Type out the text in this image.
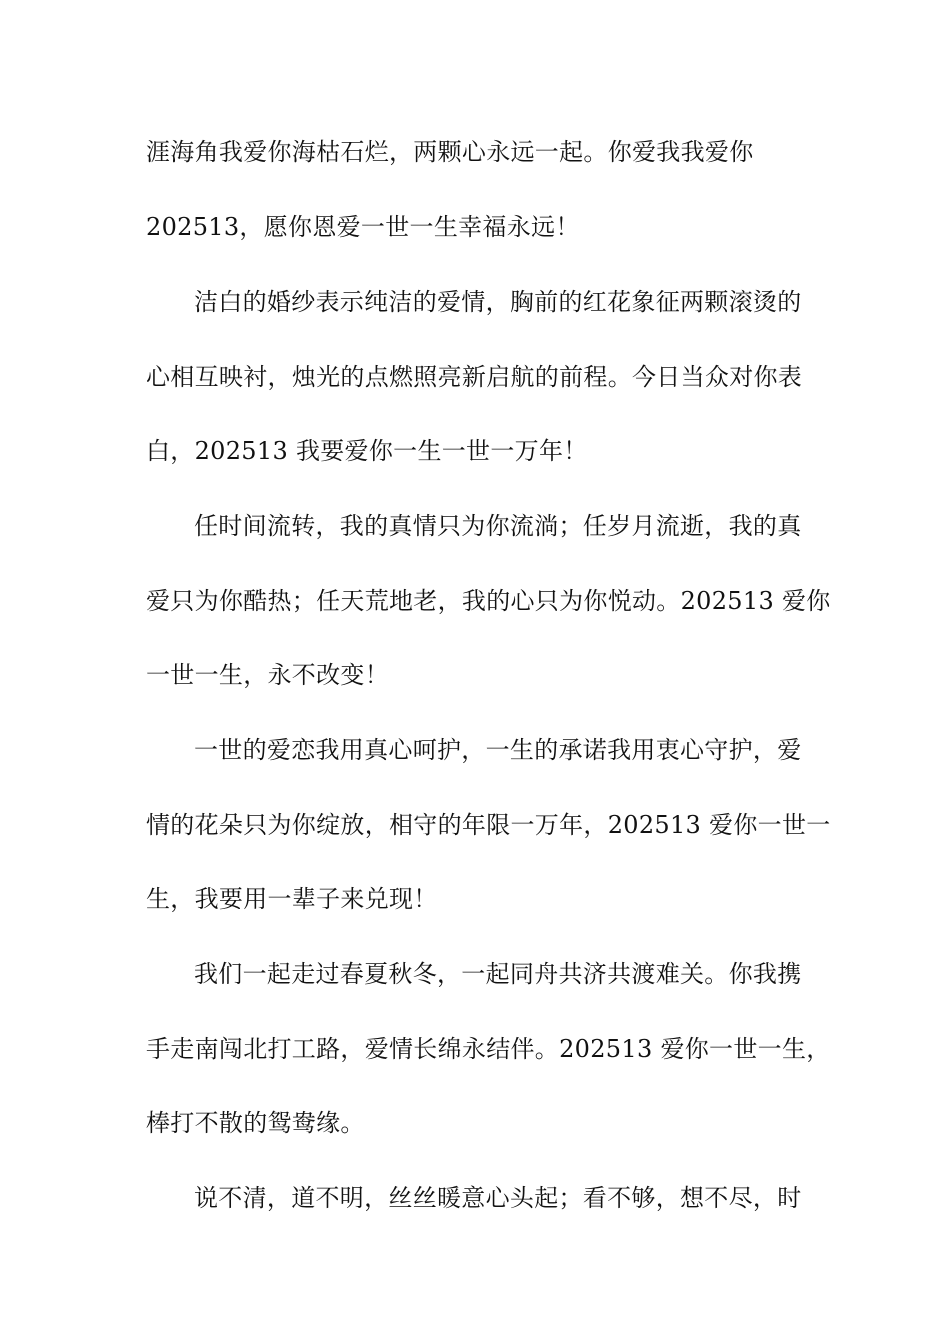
涯海角我爱你海枯石烂，两颗心永远一起。你爱我我爱你
202513，愿你恩爱一世一生幸福永远！
洁白的婚纱表示纯洁的爱情，胸前的红花象征两颗滚烫的
心相互映衬，烛光的点燃照亮新启航的前程。今日当众对你表
白，202513 我要爱你一生一世一万年！
任时间流转，我的真情只为你流淌；任岁月流逝，我的真
爱只为你酷热；任天荒地老，我的心只为你悦动。202513 爱你
一世一生，永不改变！
一世的爱恋我用真心呵护，一生的承诺我用衷心守护，爱
情的花朵只为你绽放，相守的年限一万年，202513 爱你一世一
生，我要用一辈子来兑现！
我们一起走过春夏秋冬，一起同舟共济共渡难关。你我携
手走南闯北打工路，爱情长绵永结伴。202513 爱你一世一生，
棒打不散的鸳鸯缘。
说不清，道不明，丝丝暖意心头起；看不够，想不尽，时
